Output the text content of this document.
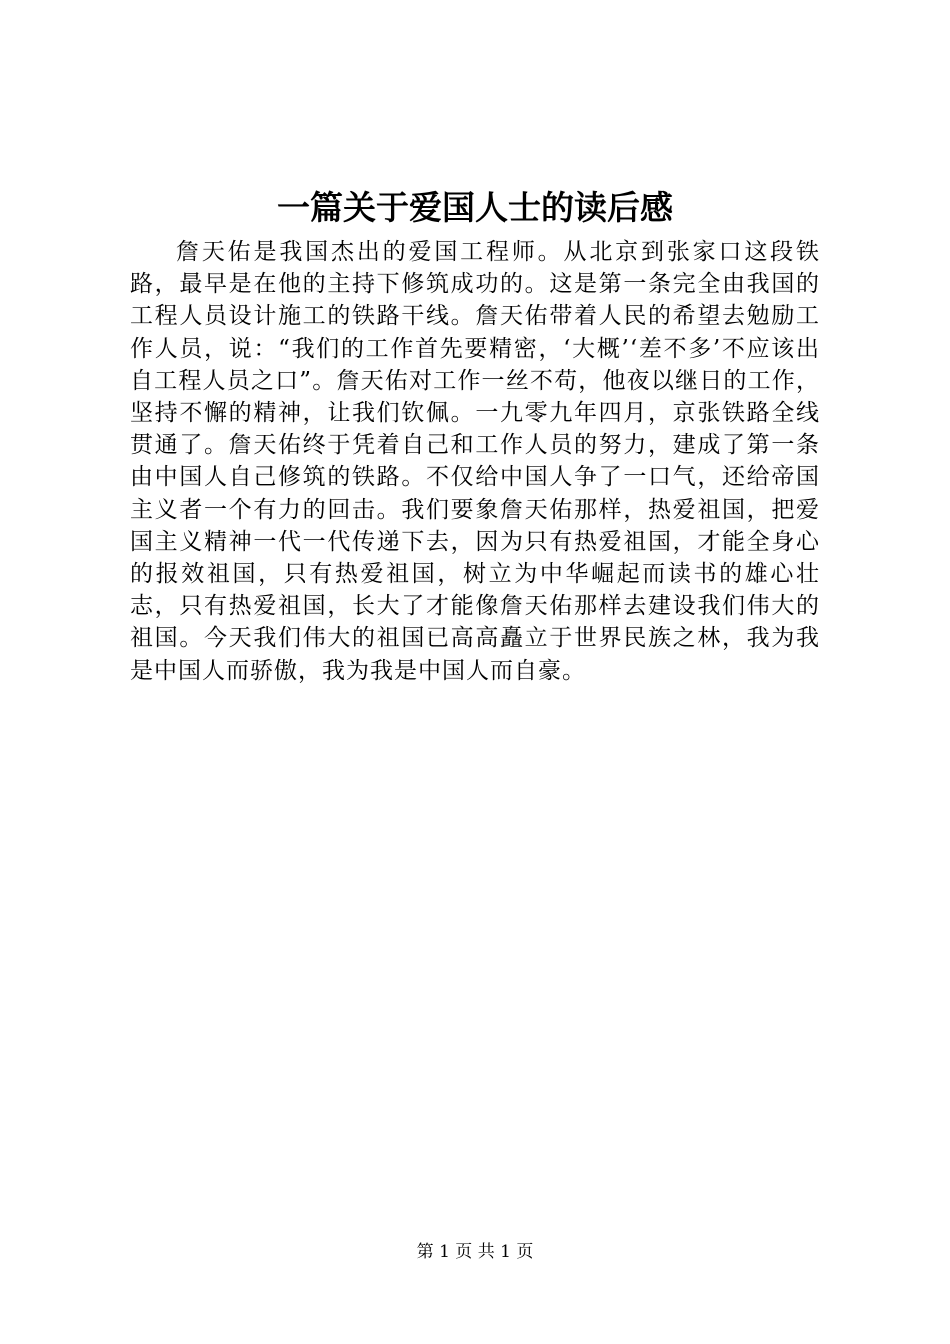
一篇关于爱国人士的读后感

詹天佑是我国杰出的爱国工程师。从北京到张家口这段铁路，最早是在他的主持下修筑成功的。这是第一条完全由我国的工程人员设计施工的铁路干线。詹天佑带着人民的希望去勉励工作人员，说：“我们的工作首先要精密，‘大概’‘差不多’不应该出自工程人员之口”。詹天佑对工作一丝不苟，他夜以继日的工作，坚持不懈的精神，让我们钦佩。一九零九年四月，京张铁路全线贯通了。詹天佑终于凭着自己和工作人员的努力，建成了第一条由中国人自己修筑的铁路。不仅给中国人争了一口气，还给帝国主义者一个有力的回击。我们要象詹天佑那样，热爱祖国，把爱国主义精神一代一代传递下去，因为只有热爱祖国，才能全身心的报效祖国，只有热爱祖国，树立为中华崛起而读书的雄心壮志，只有热爱祖国，长大了才能像詹天佑那样去建设我们伟大的祖国。今天我们伟大的祖国已高高矗立于世界民族之林，我为我是中国人而骄傲，我为我是中国人而自豪。

第 1 页 共 1 页
